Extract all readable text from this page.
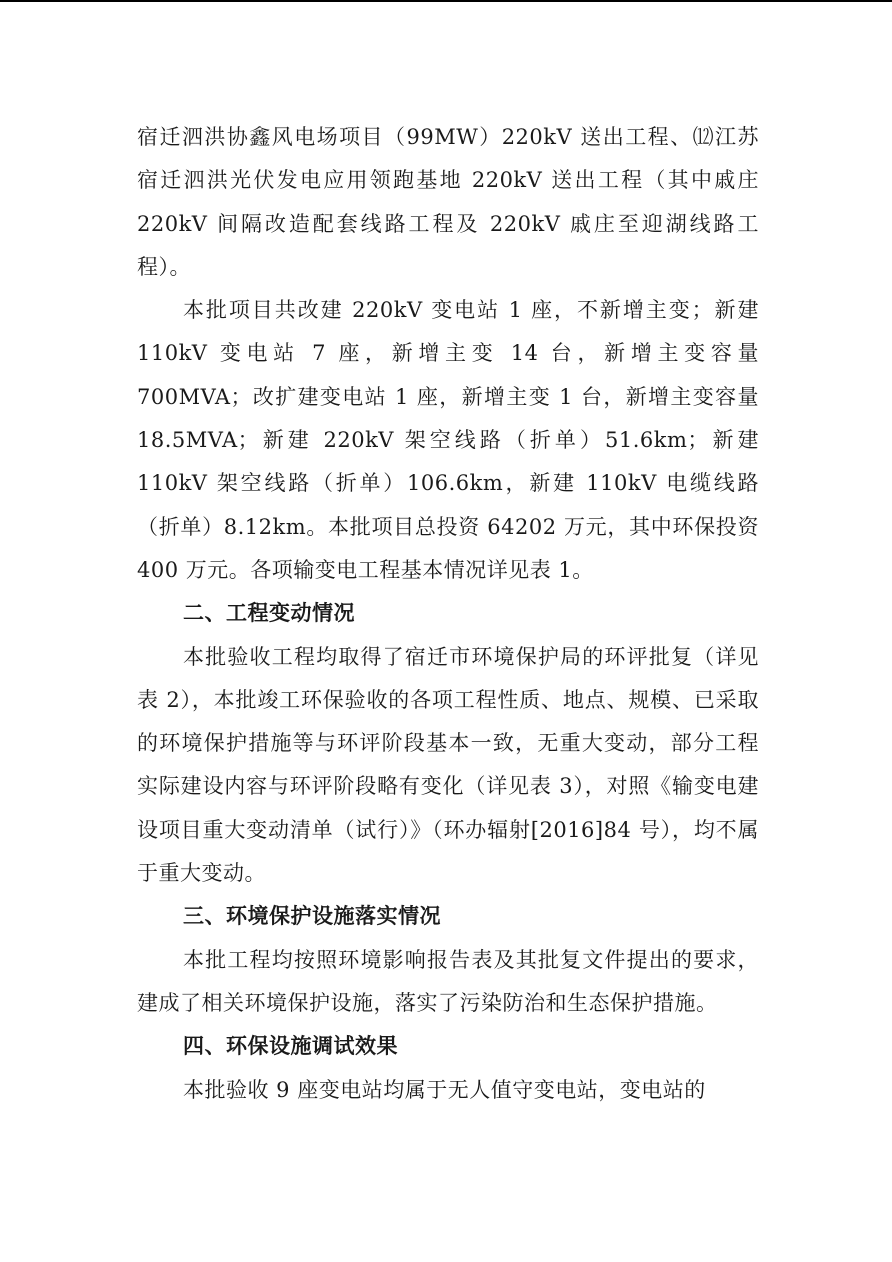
宿迁泗洪协鑫风电场项目（99MW）220kV 送出工程、⑿江苏宿迁泗洪光伏发电应用领跑基地 220kV 送出工程（其中戚庄 220kV 间隔改造配套线路工程及 220kV 戚庄至迎湖线路工程）。

本批项目共改建 220kV 变电站 1 座，不新增主变；新建 110kV 变电站 7 座，新增主变 14 台，新增主变容量 700MVA；改扩建变电站 1 座，新增主变 1 台，新增主变容量 18.5MVA；新建 220kV 架空线路（折单）51.6km；新建 110kV 架空线路（折单）106.6km，新建 110kV 电缆线路（折单）8.12km。本批项目总投资 64202 万元，其中环保投资 400 万元。各项输变电工程基本情况详见表 1。

二、工程变动情况

本批验收工程均取得了宿迁市环境保护局的环评批复（详见表 2），本批竣工环保验收的各项工程性质、地点、规模、已采取的环境保护措施等与环评阶段基本一致，无重大变动，部分工程实际建设内容与环评阶段略有变化（详见表 3），对照《输变电建设项目重大变动清单（试行）》（环办辐射[2016]84 号），均不属于重大变动。

三、环境保护设施落实情况

本批工程均按照环境影响报告表及其批复文件提出的要求，建成了相关环境保护设施，落实了污染防治和生态保护措施。

四、环保设施调试效果

本批验收 9 座变电站均属于无人值守变电站，变电站的
